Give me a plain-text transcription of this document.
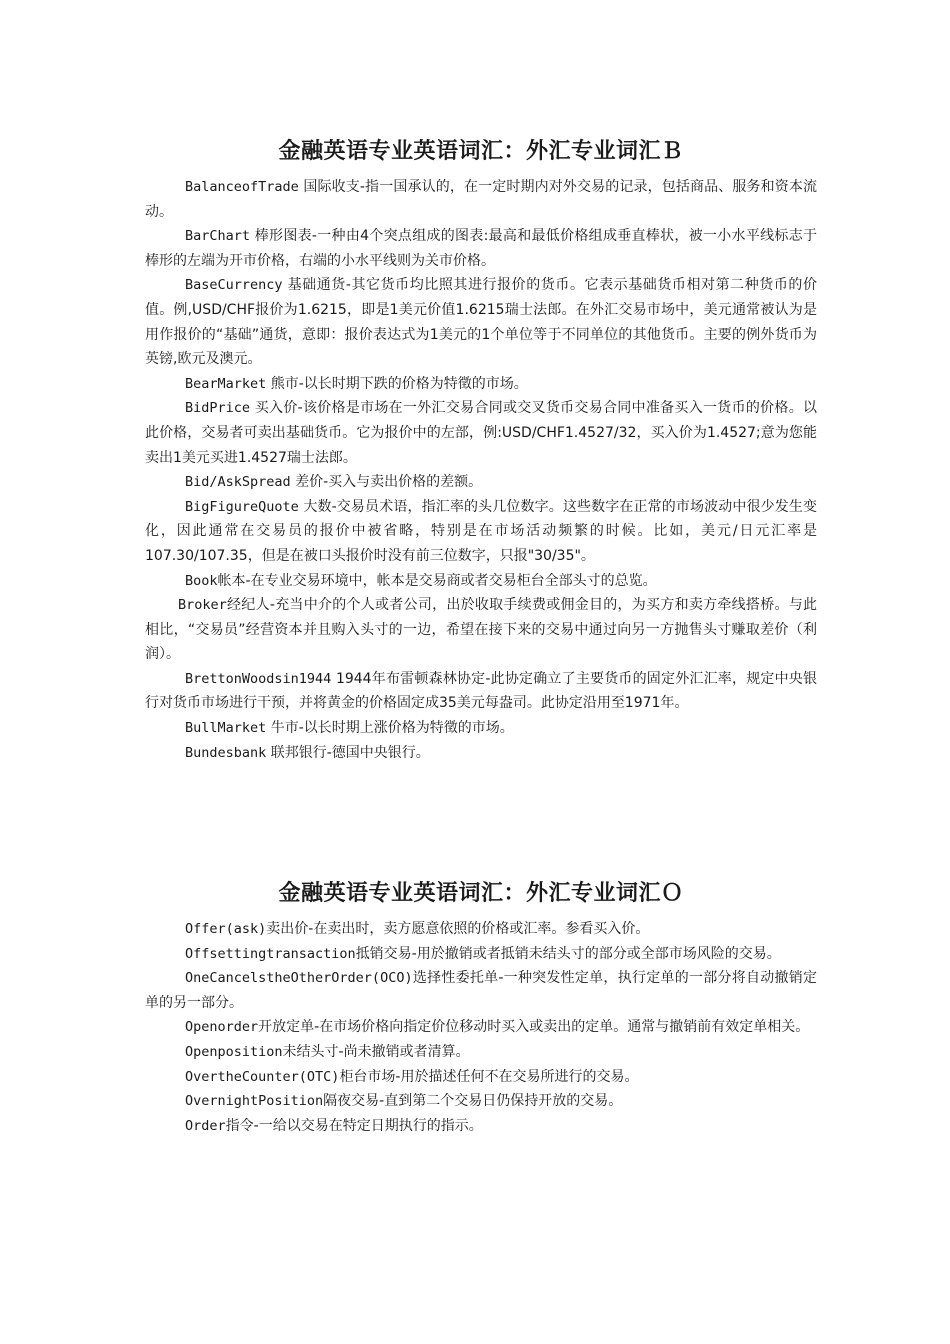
金融英语专业英语词汇：外汇专业词汇Ｂ

BalanceofTrade 国际收支-指一国承认的，在一定时期内对外交易的记录，包括商品、服务和资本流动。

BarChart 棒形图表-一种由4个突点组成的图表:最高和最低价格组成垂直棒状，被一小水平线标志于棒形的左端为开市价格，右端的小水平线则为关市价格。

BaseCurrency 基础通货-其它货币均比照其进行报价的货币。它表示基础货币相对第二种货币的价值。例,USD/CHF报价为1.6215，即是1美元价值1.6215瑞士法郎。在外汇交易市场中，美元通常被认为是用作报价的“基础”通货，意即：报价表达式为1美元的1个单位等于不同单位的其他货币。主要的例外货币为英镑,欧元及澳元。

BearMarket 熊市-以长时期下跌的价格为特徵的市场。

BidPrice 买入价-该价格是市场在一外汇交易合同或交叉货币交易合同中准备买入一货币的价格。以此价格，交易者可卖出基础货币。它为报价中的左部，例:USD/CHF1.4527/32，买入价为1.4527;意为您能卖出1美元买进1.4527瑞士法郎。

Bid/AskSpread 差价-买入与卖出价格的差额。

BigFigureQuote 大数-交易员术语，指汇率的头几位数字。这些数字在正常的市场波动中很少发生变化，因此通常在交易员的报价中被省略，特别是在市场活动频繁的时候。比如，美元/日元汇率是107.30/107.35，但是在被口头报价时没有前三位数字，只报"30/35"。

Book帐本-在专业交易环境中，帐本是交易商或者交易柜台全部头寸的总览。

Broker经纪人-充当中介的个人或者公司，出於收取手续费或佣金目的，为买方和卖方牵线搭桥。与此相比，“交易员”经营资本并且购入头寸的一边，希望在接下来的交易中通过向另一方抛售头寸赚取差价（利润）。

BrettonWoodsin1944 1944年布雷顿森林协定-此协定确立了主要货币的固定外汇汇率，规定中央银行对货币市场进行干预，并将黄金的价格固定成35美元每盎司。此协定沿用至1971年。

BullMarket 牛市-以长时期上涨价格为特徵的市场。

Bundesbank 联邦银行-德国中央银行。

金融英语专业英语词汇：外汇专业词汇Ｏ

Offer(ask)卖出价-在卖出时，卖方愿意依照的价格或汇率。参看买入价。

Offsettingtransaction抵销交易-用於撤销或者抵销未结头寸的部分或全部市场风险的交易。

OneCancelstheOtherOrder(OCO)选择性委托单-一种突发性定单，执行定单的一部分将自动撤销定单的另一部分。

Openorder开放定单-在市场价格向指定价位移动时买入或卖出的定单。通常与撤销前有效定单相关。

Openposition未结头寸-尚未撤销或者清算。

OvertheCounter(OTC)柜台市场-用於描述任何不在交易所进行的交易。

OvernightPosition隔夜交易-直到第二个交易日仍保持开放的交易。

Order指令-一给以交易在特定日期执行的指示。
